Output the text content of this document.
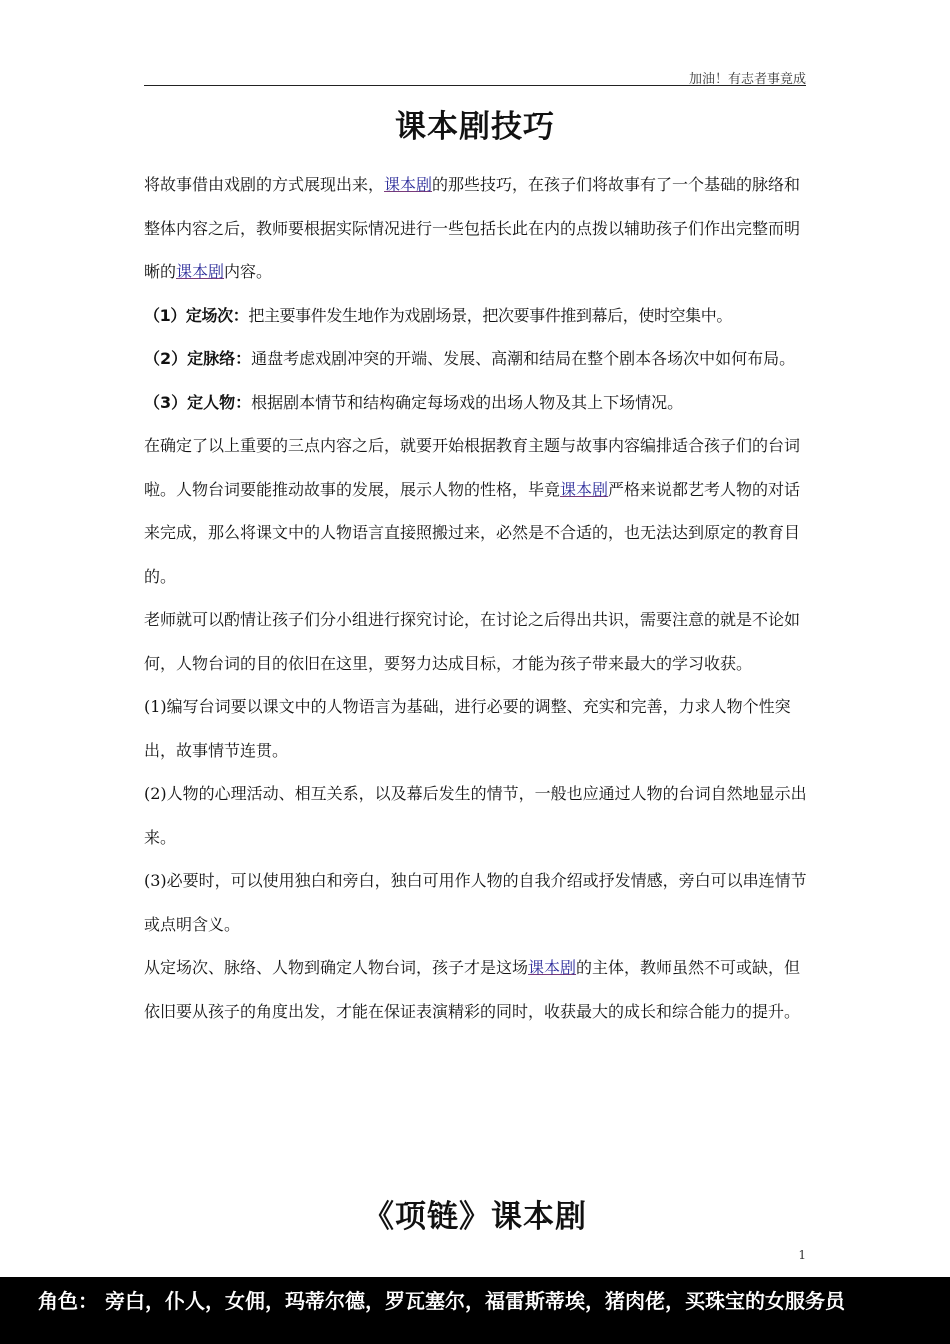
加油！有志者事竟成
课本剧技巧

将故事借由戏剧的方式展现出来，课本剧的那些技巧，在孩子们将故事有了一个基础的脉络和整体内容之后，教师要根据实际情况进行一些包括长此在内的点拨以辅助孩子们作出完整而明晰的课本剧内容。

（1）定场次：把主要事件发生地作为戏剧场景，把次要事件推到幕后，使时空集中。

（2）定脉络：通盘考虑戏剧冲突的开端、发展、高潮和结局在整个剧本各场次中如何布局。

（3）定人物：根据剧本情节和结构确定每场戏的出场人物及其上下场情况。

在确定了以上重要的三点内容之后，就要开始根据教育主题与故事内容编排适合孩子们的台词啦。人物台词要能推动故事的发展，展示人物的性格，毕竟课本剧严格来说都艺考人物的对话来完成，那么将课文中的人物语言直接照搬过来，必然是不合适的，也无法达到原定的教育目的。

老师就可以酌情让孩子们分小组进行探究讨论，在讨论之后得出共识，需要注意的就是不论如何，人物台词的目的依旧在这里，要努力达成目标，才能为孩子带来最大的学习收获。

(1)编写台词要以课文中的人物语言为基础，进行必要的调整、充实和完善，力求人物个性突出，故事情节连贯。

(2)人物的心理活动、相互关系，以及幕后发生的情节，一般也应通过人物的台词自然地显示出来。

(3)必要时，可以使用独白和旁白，独白可用作人物的自我介绍或抒发情感，旁白可以串连情节或点明含义。

从定场次、脉络、人物到确定人物台词，孩子才是这场课本剧的主体，教师虽然不可或缺，但依旧要从孩子的角度出发，才能在保证表演精彩的同时，收获最大的成长和综合能力的提升。

《项链》课本剧
1
角色： 旁白，仆人，女佣，玛蒂尔德，罗瓦塞尔，福雷斯蒂埃，猪肉佬，买珠宝的女服务员
